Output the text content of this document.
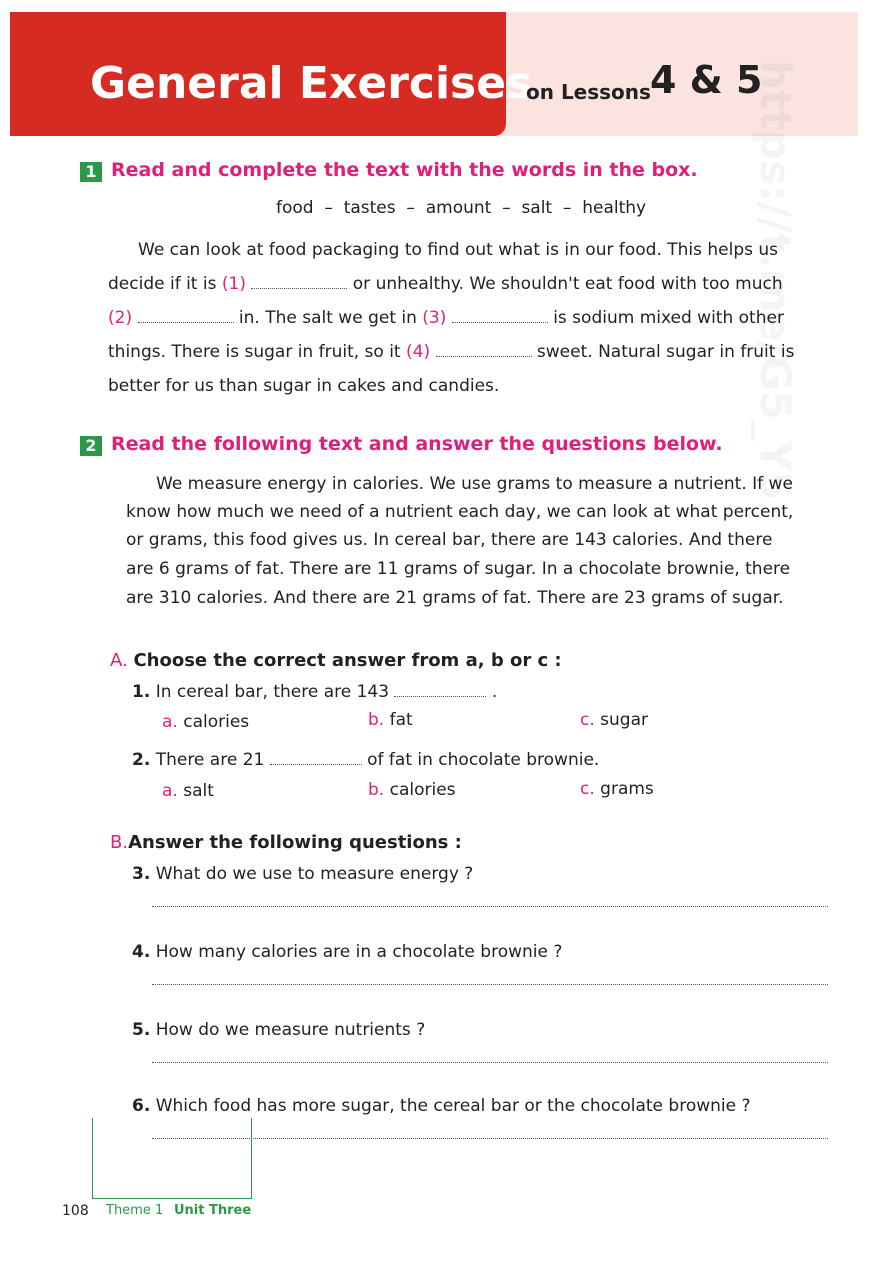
General Exercises
on Lessons 4 & 5
https://t.me/G5_Y5
1 Read and complete the text with the words in the box.
food  –  tastes  –  amount  –  salt  –  healthy
We can look at food packaging to find out what is in our food. This helps us
decide if it is (1)	or unhealthy. We shouldn't eat food with too much
(2)	in. The salt we get in (3)	is sodium mixed with other
things. There is sugar in fruit, so it (4)	sweet. Natural sugar in fruit is
better for us than sugar in cakes and candies.
2 Read the following text and answer the questions below.
We measure energy in calories. We use grams to measure a nutrient. If we
know how much we need of a nutrient each day, we can look at what percent,
or grams, this food gives us. In cereal bar, there are 143 calories. And there
are 6 grams of fat. There are 11 grams of sugar. In a chocolate brownie, there
are 310 calories. And there are 21 grams of fat. There are 23 grams of sugar.
A. Choose the correct answer from a, b or c :
1. In cereal bar, there are 143	.
a. calories	b. fat	c. sugar
2. There are 21	of fat in chocolate brownie.
a. salt	b. calories	c. grams
B.Answer the following questions :
3. What do we use to measure energy ?
4. How many calories are in a chocolate brownie ?
5. How do we measure nutrients ?
6. Which food has more sugar, the cereal bar or the chocolate brownie ?
108 Theme 1 Unit Three
